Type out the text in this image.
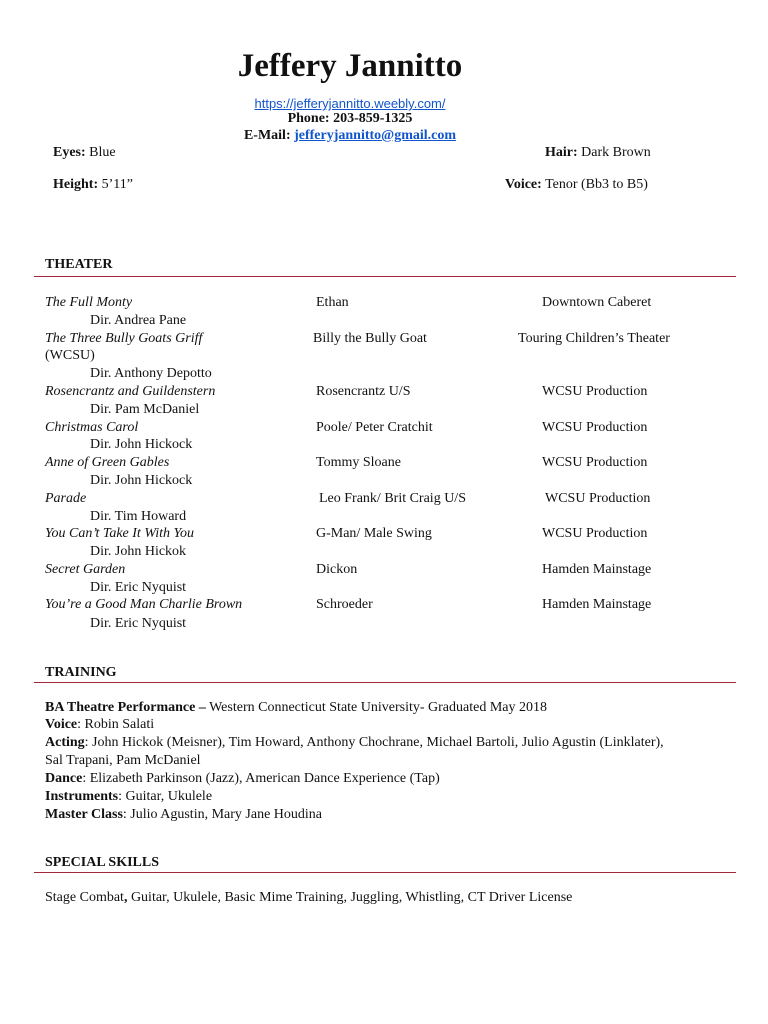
Jeffery Jannitto
https://jefferyjannitto.weebly.com/
Phone: 203-859-1325
E-Mail: jefferyjannitto@gmail.com
Eyes: Blue	Hair: Dark Brown
Height: 5’11”	Voice: Tenor (Bb3 to B5)
THEATER
The Full Monty	Ethan	Downtown Caberet
Dir. Andrea Pane
The Three Bully Goats Griff	Billy the Bully Goat	Touring Children’s Theater
(WCSU)
Dir. Anthony Depotto
Rosencrantz and Guildenstern	Rosencrantz U/S	WCSU Production
Dir. Pam McDaniel
Christmas Carol	Poole/ Peter Cratchit	WCSU Production
Dir. John Hickock
Anne of Green Gables	Tommy Sloane	WCSU Production
Dir. John Hickock
Parade	Leo Frank/ Brit Craig U/S	WCSU Production
Dir. Tim Howard
You Can’t Take It With You	G-Man/ Male Swing	WCSU Production
Dir. John Hickok
Secret Garden	Dickon	Hamden Mainstage
Dir. Eric Nyquist
You’re a Good Man Charlie Brown	Schroeder	Hamden Mainstage
Dir. Eric Nyquist
TRAINING
BA Theatre Performance – Western Connecticut State University- Graduated May 2018
Voice: Robin Salati
Acting: John Hickok (Meisner), Tim Howard, Anthony Chochrane, Michael Bartoli, Julio Agustin (Linklater),
Sal Trapani, Pam McDaniel
Dance: Elizabeth Parkinson (Jazz), American Dance Experience (Tap)
Instruments: Guitar, Ukulele
Master Class: Julio Agustin, Mary Jane Houdina
SPECIAL SKILLS
Stage Combat, Guitar, Ukulele, Basic Mime Training, Juggling, Whistling, CT Driver License
